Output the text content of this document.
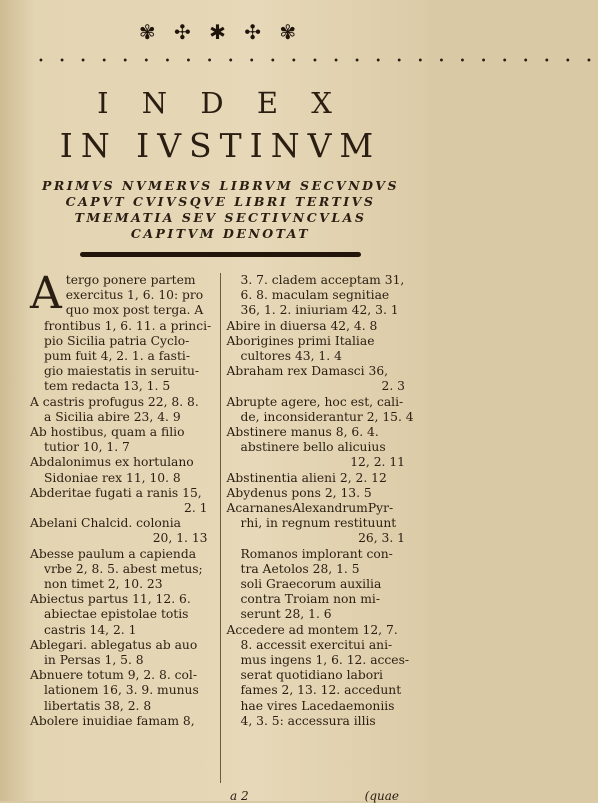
✾ ✣ ✱ ✣ ✾
• • • • • • • • • • • • • • • • • • • • • • • • • • •
I N D E X
IN IVSTINVM
PRIMVS NVMERVS LIBRVM SECVNDVS
CAPVT CVIVSQVE LIBRI TERTIVS
TMEMATIA SEV SECTIVNCVLAS
CAPITVM DENOTAT
A tergo ponere partem
exercitus 1, 6. 10: pro
quo mox post terga. A
frontibus 1, 6. 11. a princi-
pio Sicilia patria Cyclo-
pum fuit 4, 2. 1. a fasti-
gio maiestatis in seruitu-
tem redacta 13, 1. 5
A castris profugus 22, 8. 8.
a Sicilia abire 23, 4. 9
Ab hostibus, quam a filio
tutior 10, 1. 7
Abdalonimus ex hortulano
Sidoniae rex 11, 10. 8
Abderitae fugati a ranis 15,
2. 1
Abelani Chalcid. colonia
20, 1. 13
Abesse paulum a capienda
vrbe 2, 8. 5. abest metus;
non timet 2, 10. 23
Abiectus partus 11, 12. 6.
abiectae epistolae totis
castris 14, 2. 1
Ablegari. ablegatus ab auo
in Persas 1, 5. 8
Abnuere totum 9, 2. 8. col-
lationem 16, 3. 9. munus
libertatis 38, 2. 8
Abolere inuidiae famam 8,
3. 7. cladem acceptam 31,
6. 8. maculam segnitiae
36, 1. 2. iniuriam 42, 3. 1
Abire in diuersa 42, 4. 8
Aborigines primi Italiae
cultores 43, 1. 4
Abraham rex Damasci 36,
2. 3
Abrupte agere, hoc est, cali-
de, inconsiderantur 2, 15. 4
Abstinere manus 8, 6. 4.
abstinere bello alicuius
12, 2. 11
Abstinentia alieni 2, 2. 12
Abydenus pons 2, 13. 5
AcarnanesAlexandrumPyr-
rhi, in regnum restituunt
26, 3. 1
Romanos implorant con-
tra Aetolos 28, 1. 5
soli Graecorum auxilia
contra Troiam non mi-
serunt 28, 1. 6
Accedere ad montem 12, 7.
8. accessit exercitui ani-
mus ingens 1, 6. 12. acces-
serat quotidiano labori
fames 2, 13. 12. accedunt
hae vires Lacedaemoniis
4, 3. 5: accessura illis
a 2	(quae
